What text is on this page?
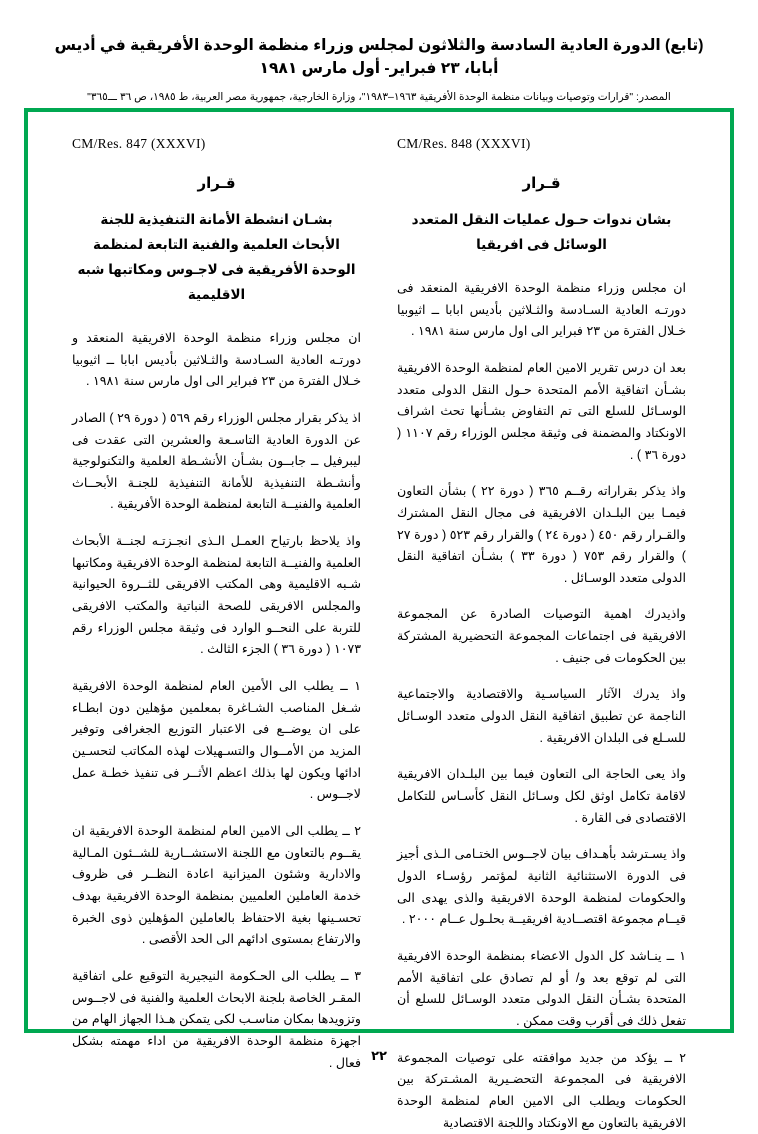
(تابع) الدورة العادية السادسة والثلاثون لمجلس وزراء منظمة الوحدة الأفريقية في أديس أبابا، ٢٣ فبراير- أول مارس ١٩٨١
المصدر: "قرارات وتوصيات وبيانات منظمة الوحدة الأفريقية ١٩٦٣–١٩٨٣"، وزارة الخارجية، جمهورية مصر العربية، ط ١٩٨٥، ص ٣٦ ـــ٣٦٥"
CM/Res. 848 (XXXVI)
قـرار
بشان ندوات حـول عمليات النقل المتعدد الوسائل فى افريقيا
ان مجلس وزراء منظمة الوحدة الافريقية المنعقد فى دورتـه العادية السـادسة والثـلاثين بأديس ابابا ــ اثيوبيا خـلال الفترة من ٢٣ فبراير الى اول مارس سنة ١٩٨١ .
بعد ان درس تقرير الامين العام لمنظمة الوحدة الافريقية بشـأن اتفاقية الأمم المتحدة حـول النقل الدولى متعدد الوسـائل للسلع التى تم التفاوض بشـأنها تحث اشراف الاونكتاد والمضمنة فى وثيقة مجلس الوزراء رقم ١١٠٧ ( دورة ٣٦ ) .
واذ يذكر بقراراته رقــم ٣٦٥ ( دورة ٢٢ ) بشأن التعاون فيمـا بين البلـدان الافريقية فى مجال النقل المشترك والقـرار رقم ٤٥٠ ( دورة ٢٤ ) والقرار رقم ٥٢٣ ( دورة ٢٧ ) والقرار رقم ٧٥٣ ( دورة ٣٣ ) بشـأن اتفاقية النقل الدولى متعدد الوسـائل .
واذيدرك اهمية التوصيات الصادرة عن المجموعة الافريقية فى اجتماعات المجموعة التحضيرية المشتركة بين الحكومات فى جنيف .
واذ يدرك الآثار السياسـية والاقتصادية والاجتماعية الناجمة عن تطبيق اتفاقية النقل الدولى متعدد الوسـائل للسـلع فى البلدان الافريقية .
واذ يعى الحاجة الى التعاون فيما بين البلـدان الافريقية لاقامة تكامل اوثق لكل وسـائل النقل كأسـاس للتكامل الاقتصادى فى القارة .
واذ يسـترشد بأهـداف بيان لاجــوس الختـامى الـذى أجيز فى الدورة الاستثنائية الثانية لمؤتمر رؤسـاء الدول والحكومات لمنظمة الوحدة الافريقية والذى يهدى الى قيــام مجموعة اقتصــادية افريقيــة بحلـول عــام ٢٠٠٠ .
١ ــ ينـاشد كل الدول الاعضاء بمنظمة الوحدة الافريقية التى لم توقع بعد و/ أو لم تصادق على اتفاقية الأمم المتحدة بشـأن النقل الدولى متعدد الوسـائل للسلع أن تفعل ذلك فى أقرب وقت ممكن .
٢ ــ يؤكد من جديد موافقته على توصيات المجموعة الافريقية فى المجموعة التحضـيرية المشـتركة بين الحكومات ويطلب الى الامين العام لمنظمة الوحدة الافريقية بالتعاون مع الاونكتاد واللجنة الاقتصادية
CM/Res. 847 (XXXVI)
قـرار
بشـان انشطة الأمانة التنفيذية للجنة الأبحاث العلمية والفنية التابعة لمنظمة الوحدة الأفريقية فى لاجـوس ومكاتبها شبه الاقليمية
ان مجلس وزراء منظمة الوحدة الافريقية المنعقد و دورتـه العادية السـادسة والثـلاثين بأديس ابابا ــ اثيوبيا خـلال الفترة من ٢٣ فبراير الى اول مارس سنة ١٩٨١ .
اذ يذكر بقرار مجلس الوزراء رقم ٥٦٩ ( دورة ٢٩ ) الصادر عن الدورة العادية التاسـعة والعشرين التى عقدت فى ليبرفيل ــ جابــون بشـأن الأنشـطة العلمية والتكنولوجية وأنشـطة التنفيذية للأمانة التنفيذية للجنـة الأبحــاث العلمية والفنيــة التابعة لمنظمة الوحدة الأفريقية .
واذ يلاحظ بارتياح العمـل الـذى انجـزتـه لجنــة الأبحاث العلمية والفنيــة التابعة لمنظمة الوحدة الافريقية ومكاتبها شـبه الاقليمية وهى المكتب الافريقى للثــروة الحيوانية والمجلس الافريقى للصحة النباتية والمكتب الافريقى للتربة على النحــو الوارد فى وثيقة مجلس الوزراء رقم ١٠٧٣ ( دورة ٣٦ ) الجزء الثالث .
١ ــ يطلب الى الأمين العام لمنظمة الوحدة الافريقية شـغل المناصب الشـاغرة بمعلمين مؤهلين دون ابطـاء على ان يوضــع فى الاعتبار التوزيع الجغرافى وتوفير المزيد من الأمــوال والتسـهيلات لهذه المكاتب لتحسـين ادائها ويكون لها بذلك اعظم الأثــر فى تنفيذ خطـة عمل لاجــوس .
٢ ــ يطلب الى الامين العام لمنظمة الوحدة الافريقية ان يقــوم بالتعاون مع اللجنة الاستشــارية للشــئون المـالية والادارية وشئون الميزانية اعادة النظــر فى ظروف خدمة العاملين العلميين بمنظمة الوحدة الافريقية بهدف تحسـينها بغية الاحتفاظ بالعاملين المؤهلين ذوى الخبرة والارتفاع بمستوى ادائهم الى الحد الأقصى .
٣ ــ يطلب الى الحـكومة النيجيرية التوقيع على اتفاقية المقـر الخاصة بلجنة الابحاث العلمية والفنية فى لاجــوس وتزويدها بمكان مناسـب لكى يتمكن هـذا الجهاز الهام من اجهزة منظمة الوحدة الافريقية من اداء مهمته بشكل فعال . ٢٢
